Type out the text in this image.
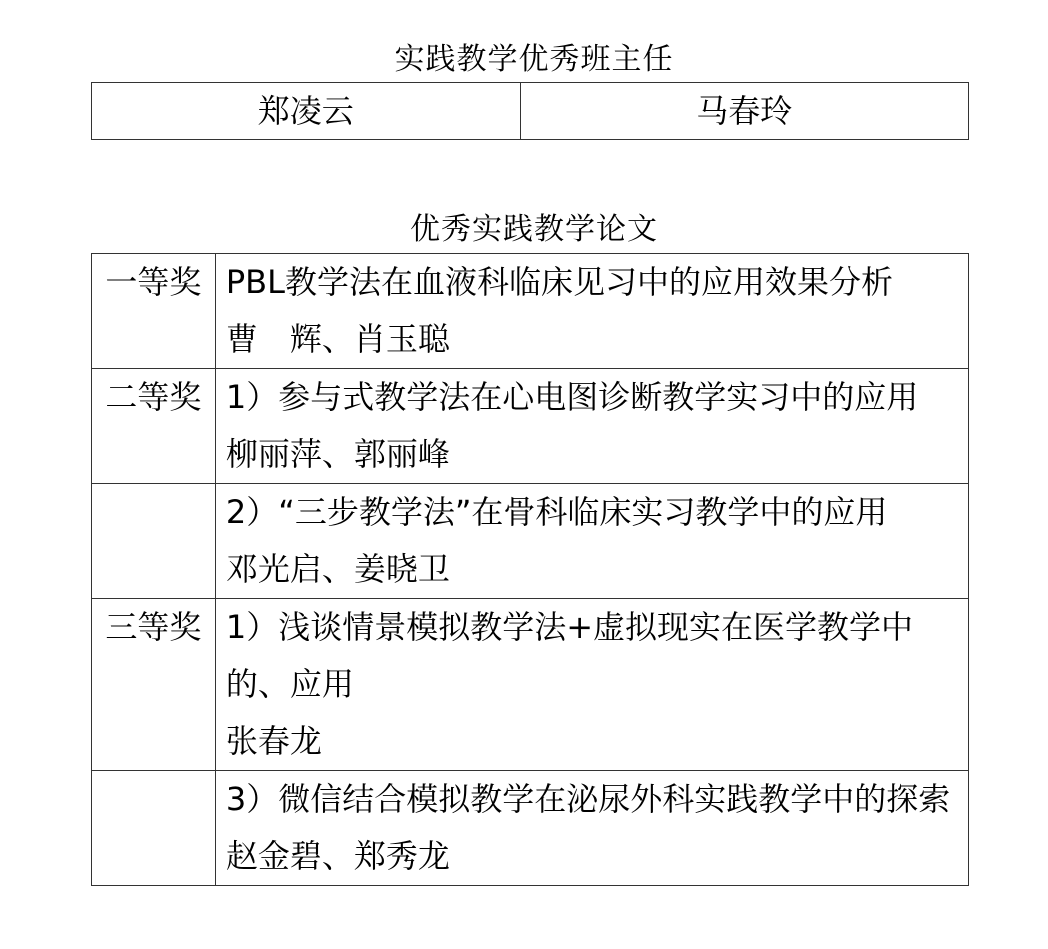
实践教学优秀班主任
郑凌云	马春玲
优秀实践教学论文
一等奖	PBL教学法在血液科临床见习中的应用效果分析
曹　辉、肖玉聪

二等奖	1）参与式教学法在心电图诊断教学实习中的应用
柳丽萍、郭丽峰

	2）“三步教学法”在骨科临床实习教学中的应用
邓光启、姜晓卫

三等奖	1）浅谈情景模拟教学法+虚拟现实在医学教学中的、应用
张春龙

	3）微信结合模拟教学在泌尿外科实践教学中的探索
赵金碧、郑秀龙
